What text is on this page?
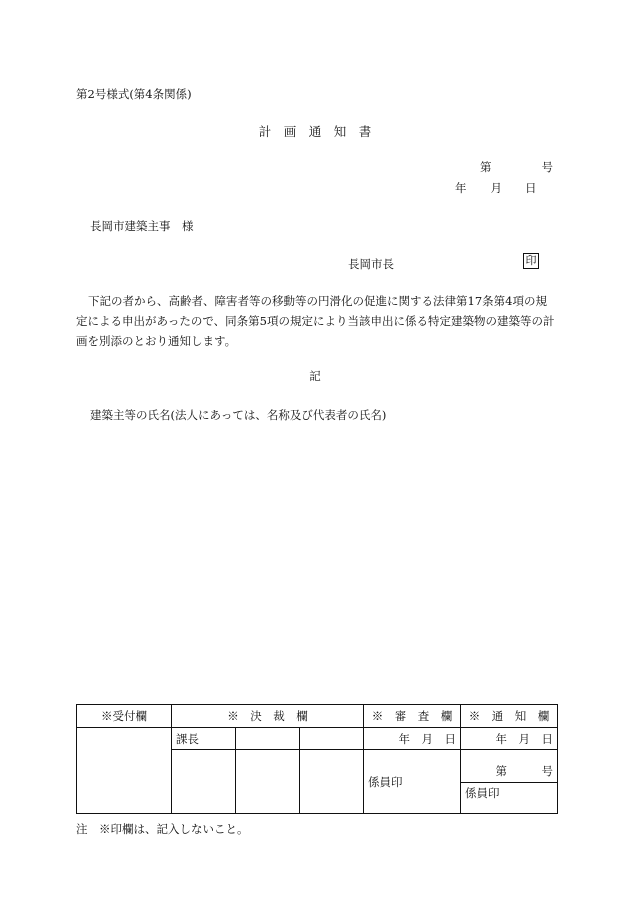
第2号様式(第4条関係)
計　画　通　知　書
第	号
年 月 日
長岡市建築主事　様
長岡市長	印
下記の者から、高齢者、障害者等の移動等の円滑化の促進に関する法律第17条第4項の規定による申出があったので、同条第5項の規定により当該申出に係る特定建築物の建築等の計画を別添のとおり通知します。
記
建築主等の氏名(法人にあっては、名称及び代表者の氏名)
※受付欄	※　決　裁　欄			※　審　査　欄	※　通　知　欄
	課長			年　月　日	年　月　日
				係員印	第　　　号
係員印
注　※印欄は、記入しないこと。
